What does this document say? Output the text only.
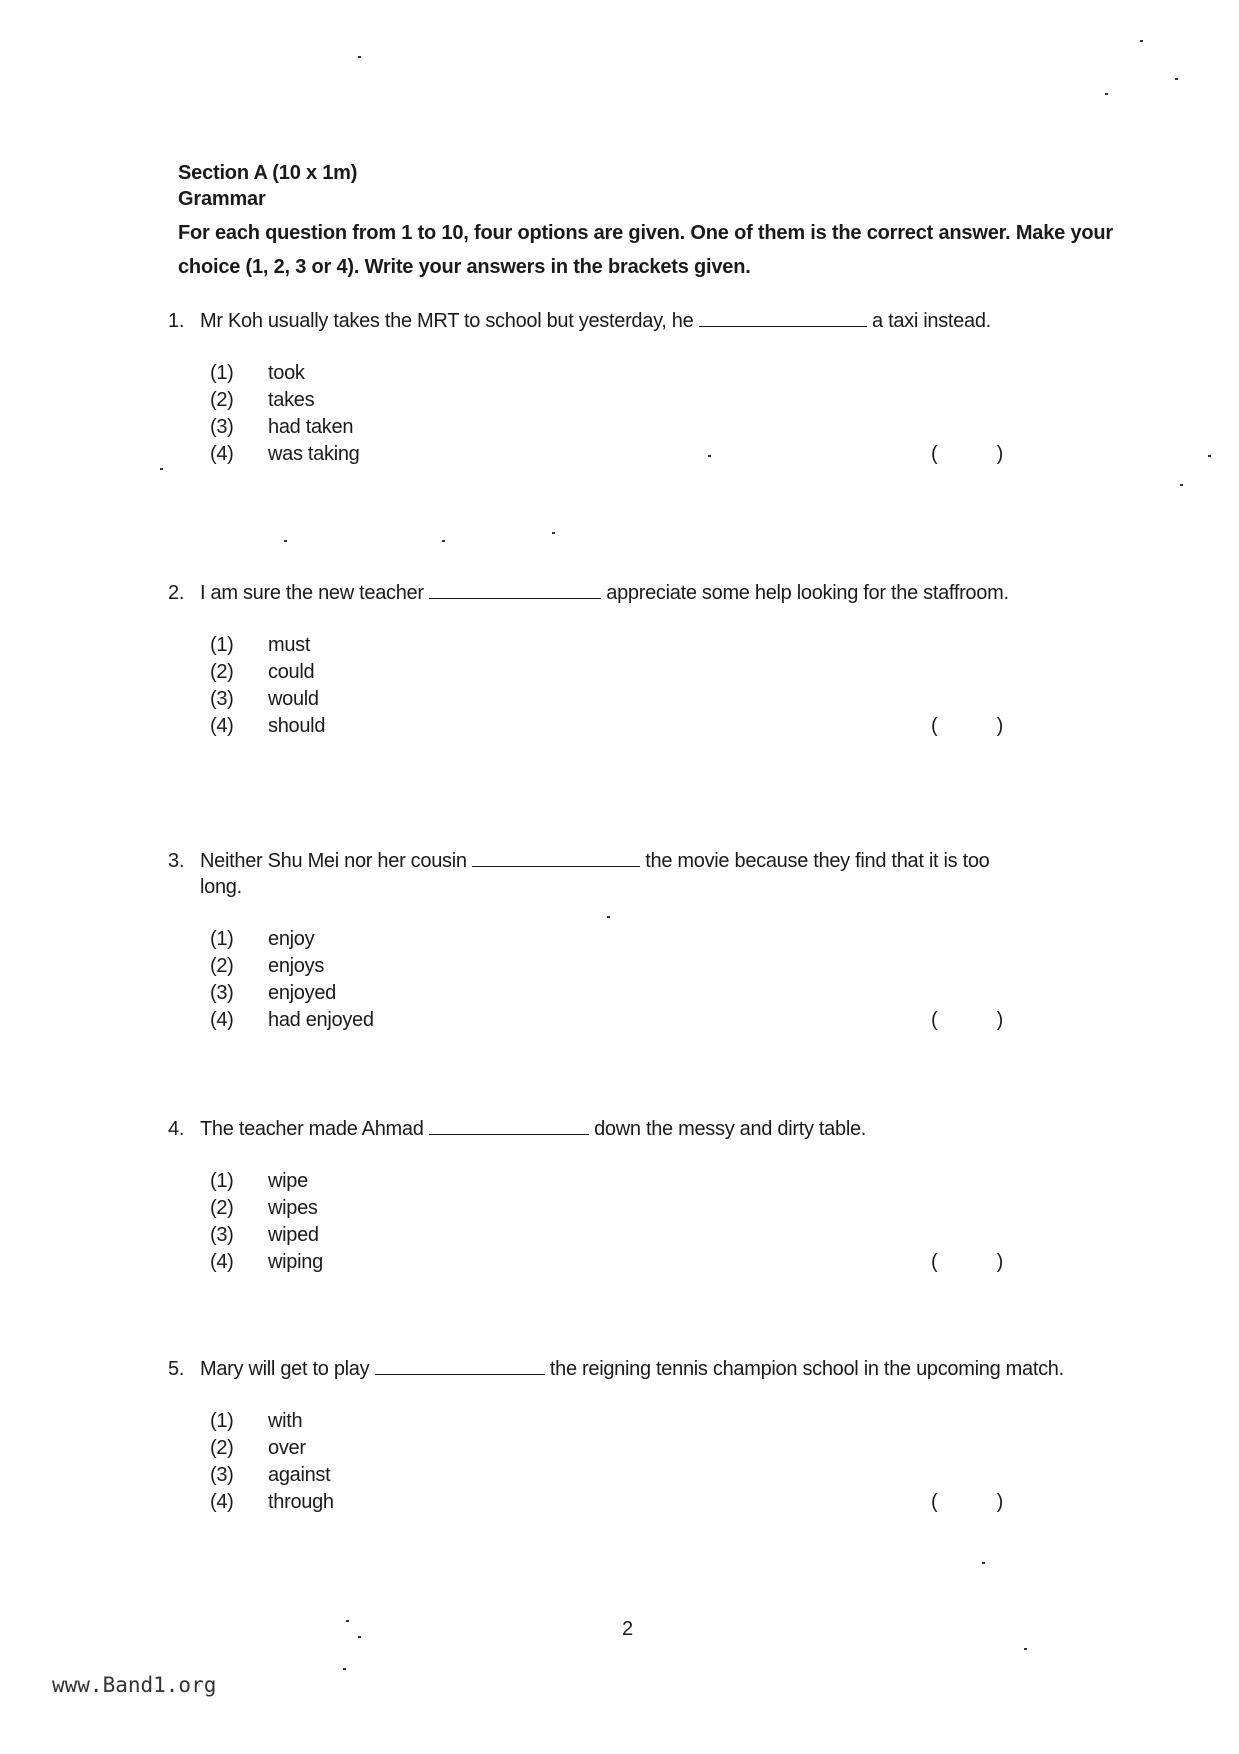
Section A (10 x 1m)
Grammar
For each question from 1 to 10, four options are given. One of them is the correct answer. Make your choice (1, 2, 3 or 4). Write your answers in the brackets given.
1. Mr Koh usually takes the MRT to school but yesterday, he	a taxi instead.
(1)	took
(2)	takes
(3)	had taken
(4)	was taking	(	)
2. I am sure the new teacher	appreciate some help looking for the staffroom.
(1)	must
(2)	could
(3)	would
(4)	should	(	)
3. Neither Shu Mei nor her cousin	the movie because they find that it is too long.
(1)	enjoy
(2)	enjoys
(3)	enjoyed
(4)	had enjoyed	(	)
4. The teacher made Ahmad	down the messy and dirty table.
(1)	wipe
(2)	wipes
(3)	wiped
(4)	wiping	(	)
5. Mary will get to play	the reigning tennis champion school in the upcoming match.
(1)	with
(2)	over
(3)	against
(4)	through	(	)
2
www.Band1.org
